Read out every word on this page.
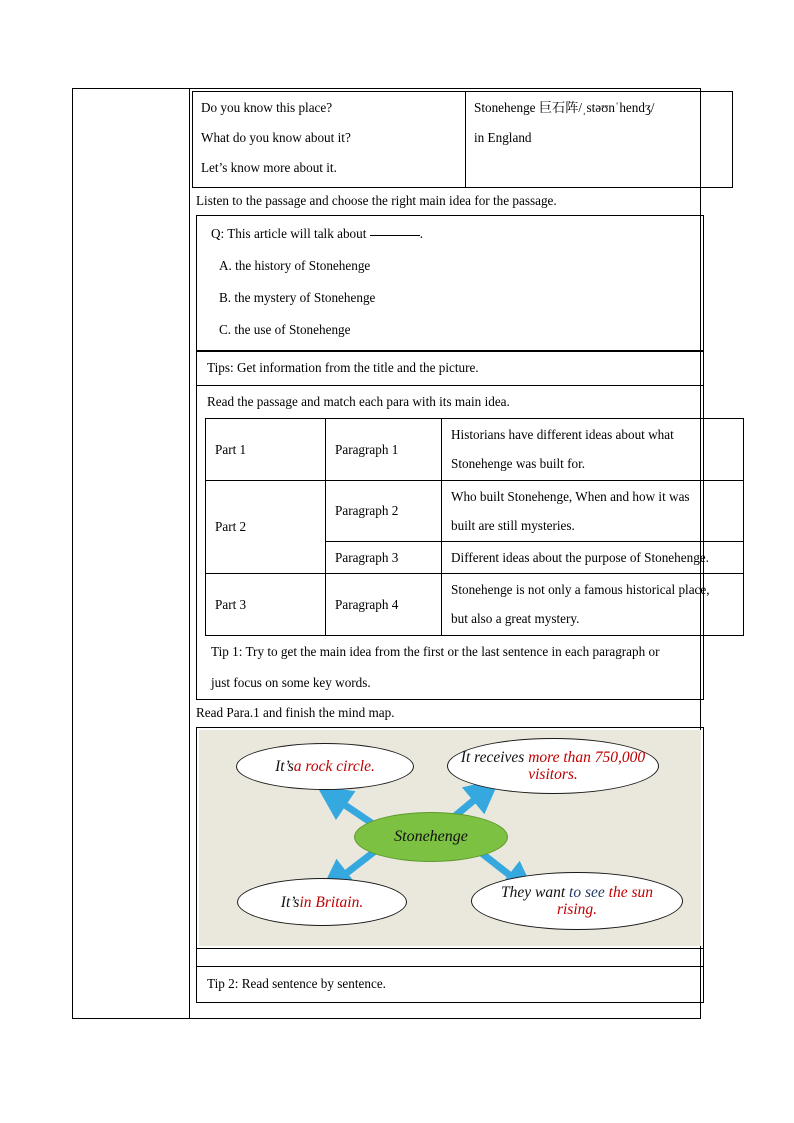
Do you know this place?
What do you know about it?
Let’s know more about it.

Stonehenge 巨石阵/ˌstəʊnˈhendʒ/
in England
Listen to the passage and choose the right main idea for the passage.
Q: This article will talk about	.
A. the history of Stonehenge
B. the mystery of Stonehenge
C. the use of Stonehenge
Tips: Get information from the title and the picture.
Read the passage and match each para with its main idea.
Part 1	Paragraph 1	
Historians have different ideas about what
Stonehenge was built for.

Part 2	Paragraph 2	
Who built Stonehenge, When and how it was
built are still mysteries.

Paragraph 3	Different ideas about the purpose of Stonehenge.

Part 3	Paragraph 4	
Stonehenge is not only a famous historical place,
but also a great mystery.
Tip 1: Try to get the main idea from the first or the last sentence in each paragraph or
just focus on some key words.
Read Para.1 and finish the mind map.
It’s a rock circle.
It receives more than 750,000 visitors.
Stonehenge
It’s in Britain.
They want to see the sun rising.
Tip 2: Read sentence by sentence.
